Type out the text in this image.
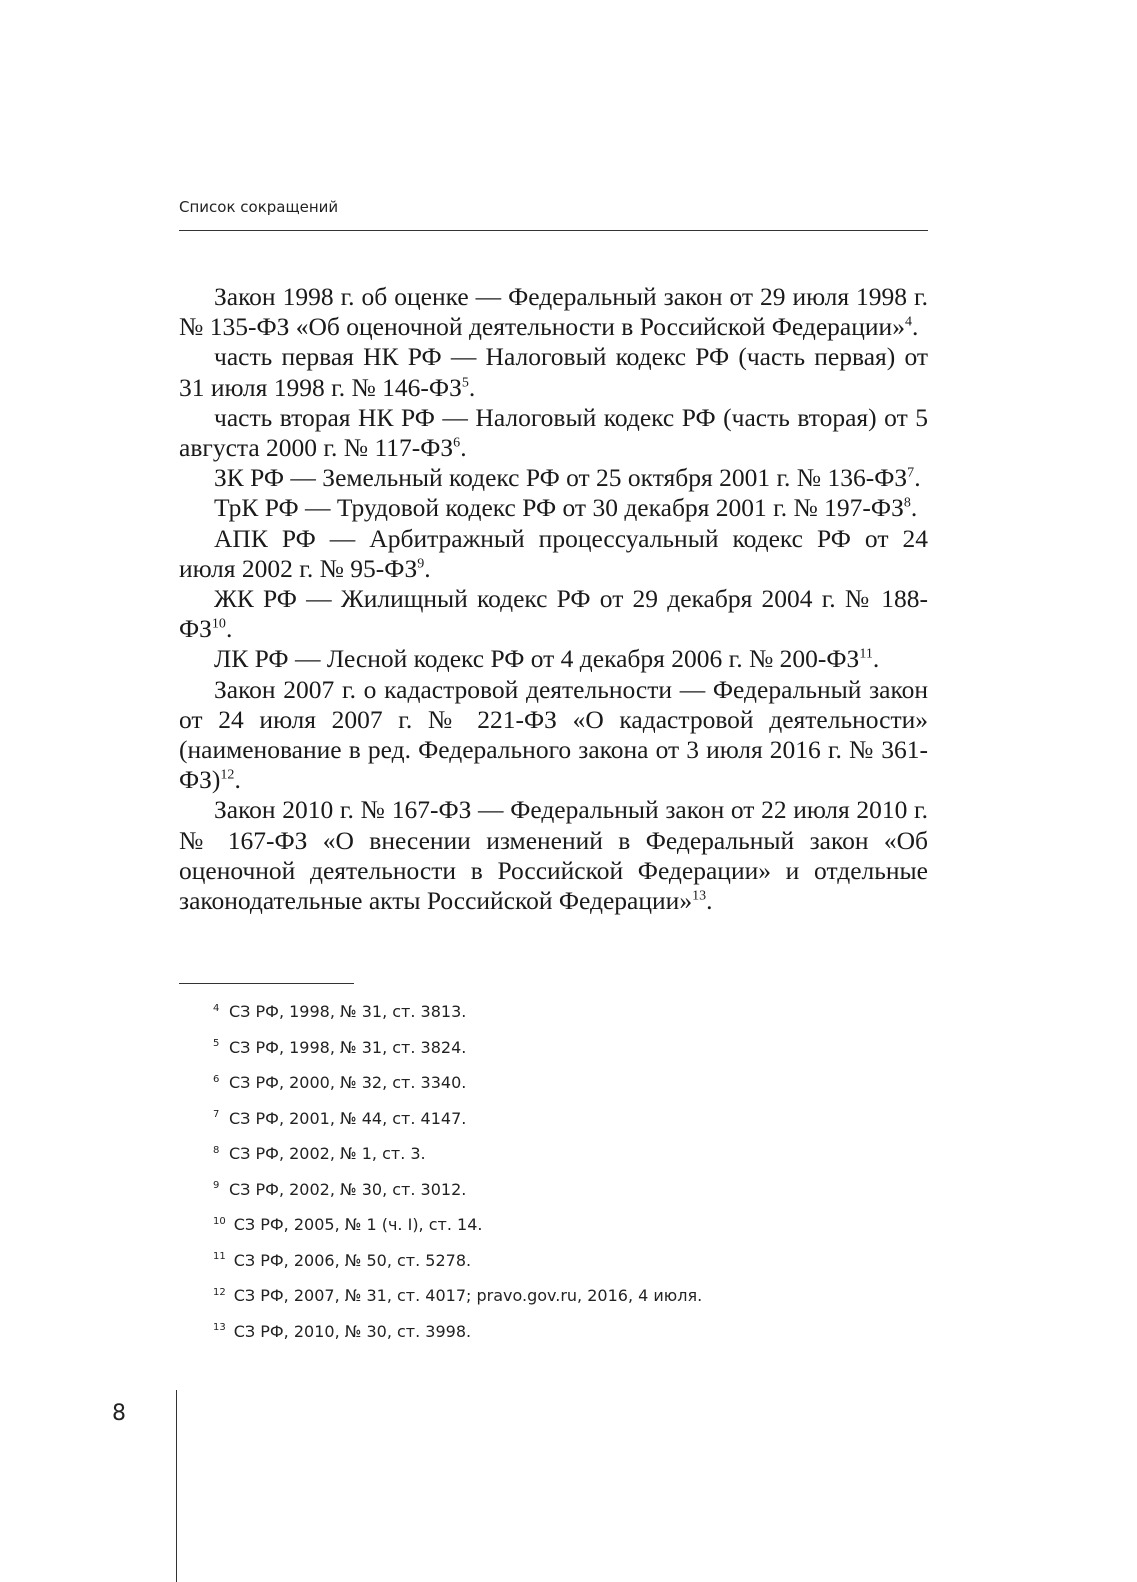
Список сокращений

Закон 1998 г. об оценке — Федеральный закон от 29 июля 1998 г. № 135-ФЗ «Об оценочной деятельности в Российской Федерации»$^4$.

часть первая НК РФ — Налоговый кодекс РФ (часть первая) от 31 июля 1998 г. № $146-ФЗ^5$.

часть вторая НК РФ — Налоговый кодекс РФ (часть вторая) от 5 августа 2000 г. № $117-ФЗ^6$.

ЗК РФ — Земельный кодекс РФ от 25 октября 2001 г. № $136-ФЗ^7$.

ТрК РФ — Трудовой кодекс РФ от 30 декабря 2001 г. № $197-ФЗ^8$.

АПК РФ — Арбитражный процессуальный кодекс РФ от 24 июля 2002 г. № $95-ФЗ^9$.

ЖК РФ — Жилищный кодекс РФ от 29 декабря 2004 г. № 188-ФЗ$^{10}$.

ЛК РФ — Лесной кодекс РФ от 4 декабря 2006 г. № 200-ФЗ$^{11}$.

Закон 2007 г. о кадастровой деятельности — Федеральный закон от 24 июля 2007 г. № 221-ФЗ «О кадастровой деятельности» (наименование в ред. Федерального закона от 3 июля 2016 г. № 361-ФЗ)$^{12}$.

Закон 2010 г. № 167-ФЗ — Федеральный закон от 22 июля 2010 г. № 167-ФЗ «О внесении изменений в Федеральный закон «Об оценочной деятельности в Российской Федерации» и отдельные законодательные акты Российской Федерации»$^{13}$.

4 СЗ РФ, 1998, № 31, ст. 3813.
5 СЗ РФ, 1998, № 31, ст. 3824.
6 СЗ РФ, 2000, № 32, ст. 3340.
7 СЗ РФ, 2001, № 44, ст. 4147.
8 СЗ РФ, 2002, № 1, ст. 3.
9 СЗ РФ, 2002, № 30, ст. 3012.
10 СЗ РФ, 2005, № 1 (ч. I), ст. 14.
11 СЗ РФ, 2006, № 50, ст. 5278.
12 СЗ РФ, 2007, № 31, ст. 4017; pravo.gov.ru, 2016, 4 июля.
13 СЗ РФ, 2010, № 30, ст. 3998.
8
